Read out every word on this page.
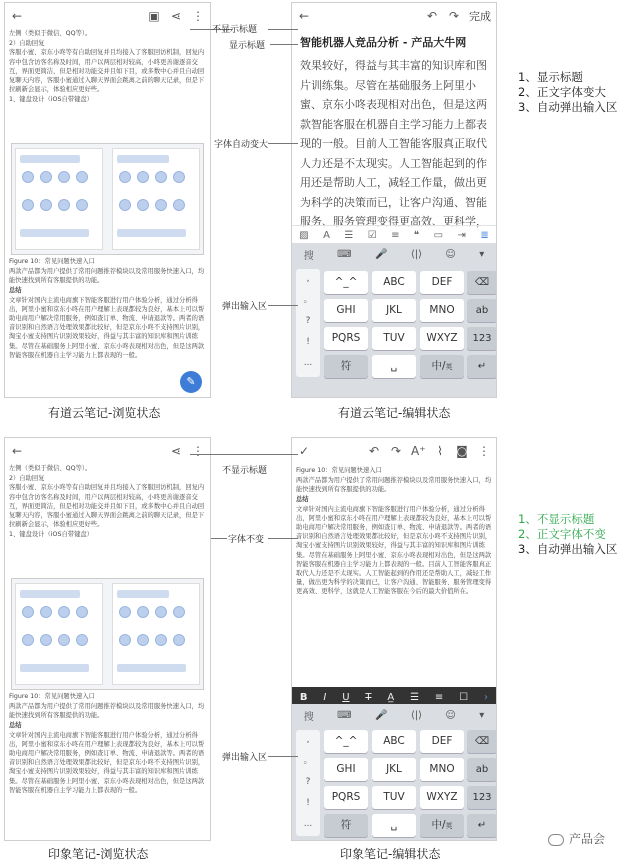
←	▣ ⋖ ⋮

左侧（类似于微信、QQ等）。

2）自助回复

客服小蜜、京东小咚等有自助回复并且均接入了客服回访机制，回复内容中包含访客名称及时间，用户以两层相对较高，小咚更善谢逐音交互，界面更简洁，但是相对功能交并且如下目，或多数中心并且自动回复聊天内容，客服小蜜通过入聊天界面会跳离之前的聊天记录，但是下拉刷新会显示，体验相应更好些。

1、键盘设计（iOS自带键盘）

Figure 10：常见问题快速入口

两款产品都为用户提供了常用问题推荐模块以及常用服务快速入口，均能快速找到所有客服提供的功能。

总结

文章针对国内主流电商旗下智能客服进行用户体验分析，通过分析得出，阿里小蜜和京东小咚在用户理解上表现都较为良好，基本上可以帮助电商用户解决常用服务，例如查订单、物流、申请退款等。两者的语音识别和自然语言处理效果都比较好，但是京东小咚不支持图片识别，淘宝小蜜支持图片识别效果较好，得益与其丰富的知识库和图片训练集。尽管在基础服务上阿里小蜜、京东小咚表现相对出色，但是这两款智能客服在机器自主学习能力上都表现的一般。

✎
←	↶ ↷ 完成
智能机器人竞品分析 - 产品大牛网
效果较好，得益与其丰富的知识库和图片训练集。尽管在基础服务上阿里小蜜、京东小咚表现相对出色，但是这两款智能客服在机器自主学习能力上都表现的一般。目前人工智能客服真正取代人力还是不太现实。人工智能起到的作用还是帮助人工，减轻工作量，做出更为科学的决策而已，让客户沟通、智能服务、服务管理变得更高效、更科学，
▨ A ☰ ☑ ≡ ❝ ▭ ⇥ ≣
搜 ⌨ 🎤 ⟨|⟩ ☺ ▾
,
。
?
!
...
^_^	ABC	DEF	⌫
GHI	JKL	MNO	ab
PQRS	TUV	WXYZ	123
符	␣	中/英	↵
←	⋖ ⋮

左侧（类似于微信、QQ等）。

2）自助回复

客服小蜜、京东小咚等有自助回复并且均接入了客服回访机制，回复内容中包含访客名称及时间，用户以两层相对较高，小咚更善谢逐音交互，界面更简洁，但是相对功能交并且如下目，或多数中心并且自动回复聊天内容，客服小蜜通过入聊天界面会跳离之前的聊天记录，但是下拉刷新会显示，体验相应更好些。

1、键盘设计（iOS自带键盘）

Figure 10：常见问题快速入口

两款产品都为用户提供了常用问题推荐模块以及常用服务快速入口，均能快速找到所有客服提供的功能。

总结

文章针对国内主流电商旗下智能客服进行用户体验分析，通过分析得出，阿里小蜜和京东小咚在用户理解上表现都较为良好，基本上可以帮助电商用户解决常用服务，例如查订单、物流、申请退款等。两者的语音识别和自然语言处理效果都比较好，但是京东小咚不支持图片识别，淘宝小蜜支持图片识别效果较好，得益与其丰富的知识库和图片训练集。尽管在基础服务上阿里小蜜、京东小咚表现相对出色，但是这两款智能客服在机器自主学习能力上都表现的一般。

✓	↶ ↷ A⁺ ⌇	◙ ⋮
Figure 10：常见问题快速入口

两款产品都为用户提供了常用问题推荐模块以及常用服务快速入口，均能快速找到所有客服提供的功能。

总结

文章针对国内主流电商旗下智能客服进行用户体验分析，通过分析得出，阿里小蜜和京东小咚在用户理解上表现都较为良好，基本上可以帮助电商用户解决常用服务，例如查订单、物流、申请退款等。两者的语音识别和自然语言处理效果都比较好，但是京东小咚不支持图片识别，淘宝小蜜支持图片识别效果较好，得益与其丰富的知识库和图片训练集。尽管在基础服务上阿里小蜜、京东小咚表现相对出色，但是这两款智能客服在机器自主学习能力上都表现的一般。目前人工智能客服真正取代人力还是不太现实。人工智能起到的作用还是帮助人工，减轻工作量，做出更为科学的决策而已，让客户沟通、智能服务、服务管理变得更高效、更科学，这就是人工智能客服在今后的最大价值所在。

B I U T A̲ ☰ ≡ ☐ ›
搜 ⌨ 🎤 ⟨|⟩ ☺ ▾
,
。
?
!
...
^_^	ABC	DEF	⌫
GHI	JKL	MNO	ab
PQRS	TUV	WXYZ	123
符	␣	中/英	↵
不显示标题
显示标题
字体自动变大
弹出输入区
不显示标题
字体不变
弹出输入区
有道云笔记-浏览状态	有道云笔记-编辑状态
印象笔记-浏览状态	印象笔记-编辑状态
1、显示标题
2、正文字体变大
3、自动弹出输入区
1、不显示标题
2、正文字体不变
3、自动弹出输入区
产品会
